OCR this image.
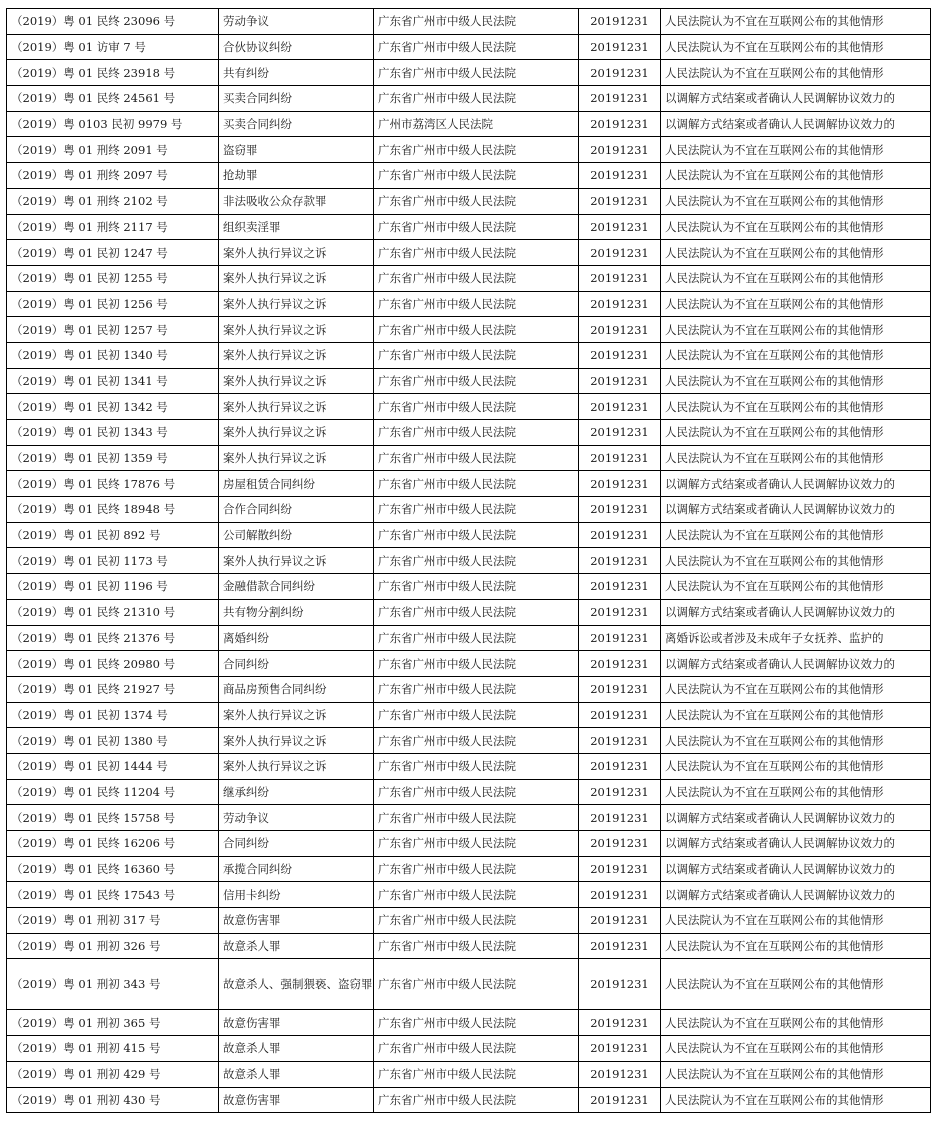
（2019）粤 01 民终 23096 号	劳动争议	广东省广州市中级人民法院	20191231	人民法院认为不宜在互联网公布的其他情形
（2019）粤 01 访审 7 号	合伙协议纠纷	广东省广州市中级人民法院	20191231	人民法院认为不宜在互联网公布的其他情形
（2019）粤 01 民终 23918 号	共有纠纷	广东省广州市中级人民法院	20191231	人民法院认为不宜在互联网公布的其他情形
（2019）粤 01 民终 24561 号	买卖合同纠纷	广东省广州市中级人民法院	20191231	以调解方式结案或者确认人民调解协议效力的
（2019）粤 0103 民初 9979 号	买卖合同纠纷	广州市荔湾区人民法院	20191231	以调解方式结案或者确认人民调解协议效力的
（2019）粤 01 刑终 2091 号	盗窃罪	广东省广州市中级人民法院	20191231	人民法院认为不宜在互联网公布的其他情形
（2019）粤 01 刑终 2097 号	抢劫罪	广东省广州市中级人民法院	20191231	人民法院认为不宜在互联网公布的其他情形
（2019）粤 01 刑终 2102 号	非法吸收公众存款罪	广东省广州市中级人民法院	20191231	人民法院认为不宜在互联网公布的其他情形
（2019）粤 01 刑终 2117 号	组织卖淫罪	广东省广州市中级人民法院	20191231	人民法院认为不宜在互联网公布的其他情形
（2019）粤 01 民初 1247 号	案外人执行异议之诉	广东省广州市中级人民法院	20191231	人民法院认为不宜在互联网公布的其他情形
（2019）粤 01 民初 1255 号	案外人执行异议之诉	广东省广州市中级人民法院	20191231	人民法院认为不宜在互联网公布的其他情形
（2019）粤 01 民初 1256 号	案外人执行异议之诉	广东省广州市中级人民法院	20191231	人民法院认为不宜在互联网公布的其他情形
（2019）粤 01 民初 1257 号	案外人执行异议之诉	广东省广州市中级人民法院	20191231	人民法院认为不宜在互联网公布的其他情形
（2019）粤 01 民初 1340 号	案外人执行异议之诉	广东省广州市中级人民法院	20191231	人民法院认为不宜在互联网公布的其他情形
（2019）粤 01 民初 1341 号	案外人执行异议之诉	广东省广州市中级人民法院	20191231	人民法院认为不宜在互联网公布的其他情形
（2019）粤 01 民初 1342 号	案外人执行异议之诉	广东省广州市中级人民法院	20191231	人民法院认为不宜在互联网公布的其他情形
（2019）粤 01 民初 1343 号	案外人执行异议之诉	广东省广州市中级人民法院	20191231	人民法院认为不宜在互联网公布的其他情形
（2019）粤 01 民初 1359 号	案外人执行异议之诉	广东省广州市中级人民法院	20191231	人民法院认为不宜在互联网公布的其他情形
（2019）粤 01 民终 17876 号	房屋租赁合同纠纷	广东省广州市中级人民法院	20191231	以调解方式结案或者确认人民调解协议效力的
（2019）粤 01 民终 18948 号	合作合同纠纷	广东省广州市中级人民法院	20191231	以调解方式结案或者确认人民调解协议效力的
（2019）粤 01 民初 892 号	公司解散纠纷	广东省广州市中级人民法院	20191231	人民法院认为不宜在互联网公布的其他情形
（2019）粤 01 民初 1173 号	案外人执行异议之诉	广东省广州市中级人民法院	20191231	人民法院认为不宜在互联网公布的其他情形
（2019）粤 01 民初 1196 号	金融借款合同纠纷	广东省广州市中级人民法院	20191231	人民法院认为不宜在互联网公布的其他情形
（2019）粤 01 民终 21310 号	共有物分割纠纷	广东省广州市中级人民法院	20191231	以调解方式结案或者确认人民调解协议效力的
（2019）粤 01 民终 21376 号	离婚纠纷	广东省广州市中级人民法院	20191231	离婚诉讼或者涉及未成年子女抚养、监护的
（2019）粤 01 民终 20980 号	合同纠纷	广东省广州市中级人民法院	20191231	以调解方式结案或者确认人民调解协议效力的
（2019）粤 01 民终 21927 号	商品房预售合同纠纷	广东省广州市中级人民法院	20191231	人民法院认为不宜在互联网公布的其他情形
（2019）粤 01 民初 1374 号	案外人执行异议之诉	广东省广州市中级人民法院	20191231	人民法院认为不宜在互联网公布的其他情形
（2019）粤 01 民初 1380 号	案外人执行异议之诉	广东省广州市中级人民法院	20191231	人民法院认为不宜在互联网公布的其他情形
（2019）粤 01 民初 1444 号	案外人执行异议之诉	广东省广州市中级人民法院	20191231	人民法院认为不宜在互联网公布的其他情形
（2019）粤 01 民终 11204 号	继承纠纷	广东省广州市中级人民法院	20191231	人民法院认为不宜在互联网公布的其他情形
（2019）粤 01 民终 15758 号	劳动争议	广东省广州市中级人民法院	20191231	以调解方式结案或者确认人民调解协议效力的
（2019）粤 01 民终 16206 号	合同纠纷	广东省广州市中级人民法院	20191231	以调解方式结案或者确认人民调解协议效力的
（2019）粤 01 民终 16360 号	承揽合同纠纷	广东省广州市中级人民法院	20191231	以调解方式结案或者确认人民调解协议效力的
（2019）粤 01 民终 17543 号	信用卡纠纷	广东省广州市中级人民法院	20191231	以调解方式结案或者确认人民调解协议效力的
（2019）粤 01 刑初 317 号	故意伤害罪	广东省广州市中级人民法院	20191231	人民法院认为不宜在互联网公布的其他情形
（2019）粤 01 刑初 326 号	故意杀人罪	广东省广州市中级人民法院	20191231	人民法院认为不宜在互联网公布的其他情形
（2019）粤 01 刑初 343 号	故意杀人、强制猥亵、盗窃罪	广东省广州市中级人民法院	20191231	人民法院认为不宜在互联网公布的其他情形
（2019）粤 01 刑初 365 号	故意伤害罪	广东省广州市中级人民法院	20191231	人民法院认为不宜在互联网公布的其他情形
（2019）粤 01 刑初 415 号	故意杀人罪	广东省广州市中级人民法院	20191231	人民法院认为不宜在互联网公布的其他情形
（2019）粤 01 刑初 429 号	故意杀人罪	广东省广州市中级人民法院	20191231	人民法院认为不宜在互联网公布的其他情形
（2019）粤 01 刑初 430 号	故意伤害罪	广东省广州市中级人民法院	20191231	人民法院认为不宜在互联网公布的其他情形
